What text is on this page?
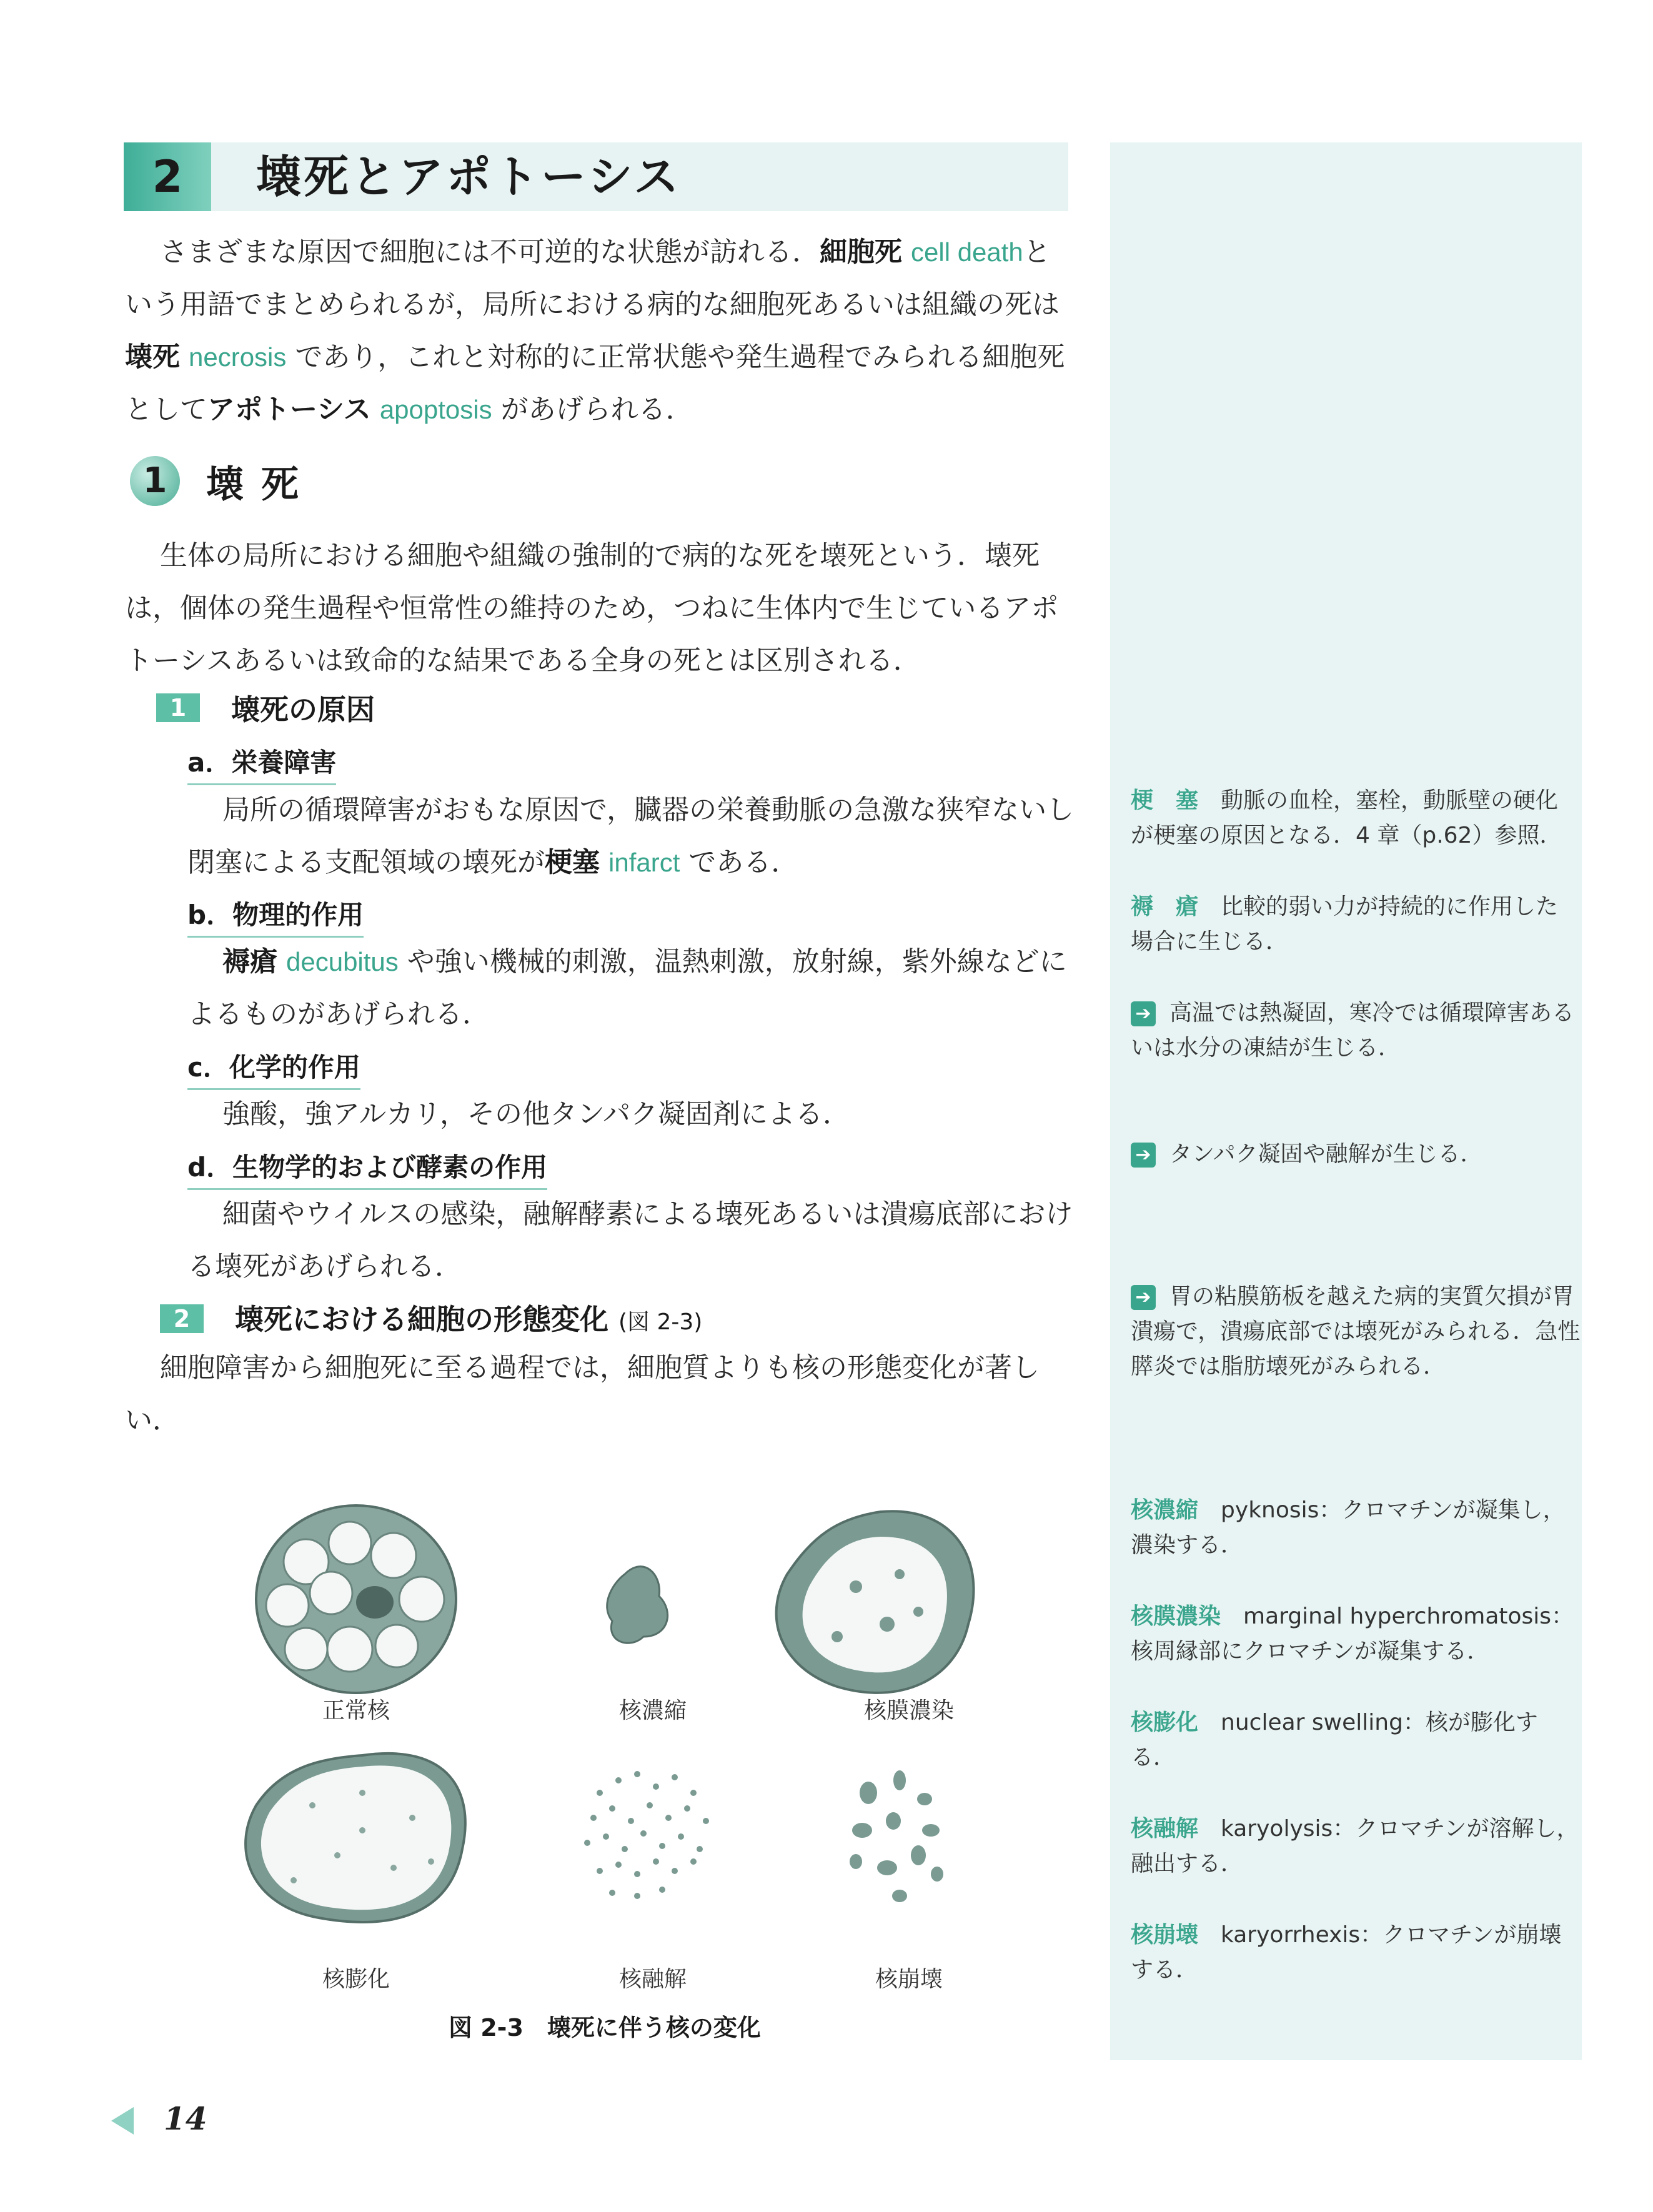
2	壊死とアポトーシス

さまざまな原因で細胞には不可逆的な状態が訪れる．細胞死 cell deathという用語でまとめられるが，局所における病的な細胞死あるいは組織の死は壊死 necrosis であり，これと対称的に正常状態や発生過程でみられる細胞死としてアポトーシス apoptosis があげられる．

1	壊死

生体の局所における細胞や組織の強制的で病的な死を壊死という．壊死は，個体の発生過程や恒常性の維持のため，つねに生体内で生じているアポトーシスあるいは致命的な結果である全身の死とは区別される．

1	壊死の原因
a．栄養障害

局所の循環障害がおもな原因で，臓器の栄養動脈の急激な狭窄ないし閉塞による支配領域の壊死が梗塞 infarct である．

b．物理的作用

褥瘡 decubitus や強い機械的刺激，温熱刺激，放射線，紫外線などによるものがあげられる．

c．化学的作用

強酸，強アルカリ，その他タンパク凝固剤による．

d．生物学的および酵素の作用

細菌やウイルスの感染，融解酵素による壊死あるいは潰瘍底部における壊死があげられる．

2	壊死における細胞の形態変化 (図 2-3)

細胞障害から細胞死に至る過程では，細胞質よりも核の形態変化が著しい．

正常核	核濃縮	核膜濃染
核膨化	核融解	核崩壊
図 2-3　壊死に伴う核の変化

梗　塞　 動脈の血栓，塞栓，動脈壁の硬化が梗塞の原因となる．4 章（p.62）参照．

褥　瘡　 比較的弱い力が持続的に作用した場合に生じる．

➔ 高温では熱凝固，寒冷では循環障害あるいは水分の凍結が生じる．

➔ タンパク凝固や融解が生じる．

➔ 胃の粘膜筋板を越えた病的実質欠損が胃潰瘍で，潰瘍底部では壊死がみられる．急性膵炎では脂肪壊死がみられる．

核濃縮　 pyknosis：クロマチンが凝集し，濃染する．

核膜濃染　 marginal hyperchromatosis：核周縁部にクロマチンが凝集する．

核膨化　 nuclear swelling：核が膨化する．

核融解　 karyolysis：クロマチンが溶解し，融出する．

核崩壊　 karyorrhexis：クロマチンが崩壊する．

14
